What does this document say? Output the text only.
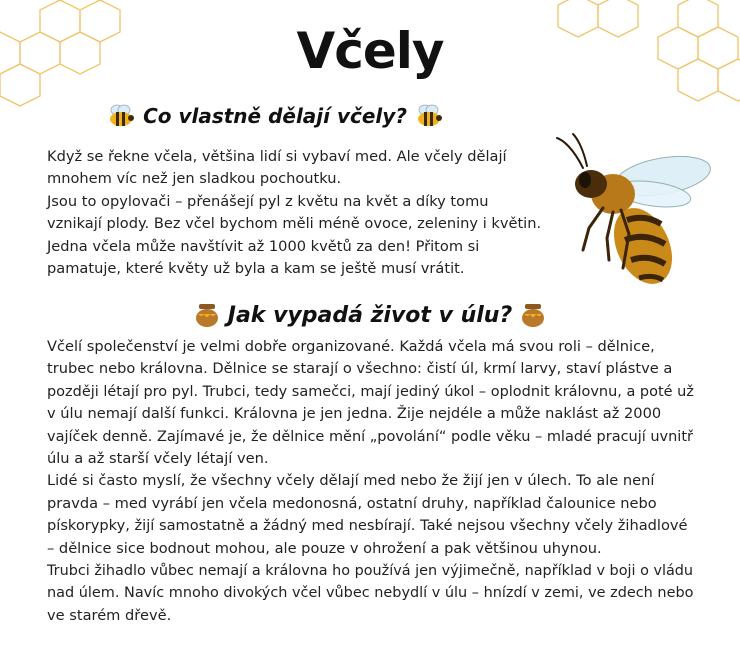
Včely
Co vlastně dělají včely?
Když se řekne včela, většina lidí si vybaví med. Ale včely dělají
mnohem víc než jen sladkou pochoutku.
Jsou to opylovači – přenášejí pyl z květu na květ a díky tomu
vznikají plody. Bez včel bychom měli méně ovoce, zeleniny i květin.
Jedna včela může navštívit až 1000 květů za den! Přitom si
pamatuje, které květy už byla a kam se ještě musí vrátit.
Jak vypadá život v úlu?
Včelí společenství je velmi dobře organizované. Každá včela má svou roli – dělnice,
trubec nebo královna. Dělnice se starají o všechno: čistí úl, krmí larvy, staví plástve a
později létají pro pyl. Trubci, tedy samečci, mají jediný úkol – oplodnit královnu, a poté už
v úlu nemají další funkci. Královna je jen jedna. Žije nejdéle a může naklást až 2000
vajíček denně. Zajímavé je, že dělnice mění „povolání“ podle věku – mladé pracují uvnitř
úlu a až starší včely létají ven.
Lidé si často myslí, že všechny včely dělají med nebo že žijí jen v úlech. To ale není
pravda – med vyrábí jen včela medonosná, ostatní druhy, například čalounice nebo
pískorypky, žijí samostatně a žádný med nesbírají. Také nejsou všechny včely žihadlové
– dělnice sice bodnout mohou, ale pouze v ohrožení a pak většinou uhynou.
Trubci žihadlo vůbec nemají a královna ho používá jen výjimečně, například v boji o vládu
nad úlem. Navíc mnoho divokých včel vůbec nebydlí v úlu – hnízdí v zemi, ve zdech nebo
ve starém dřevě.
